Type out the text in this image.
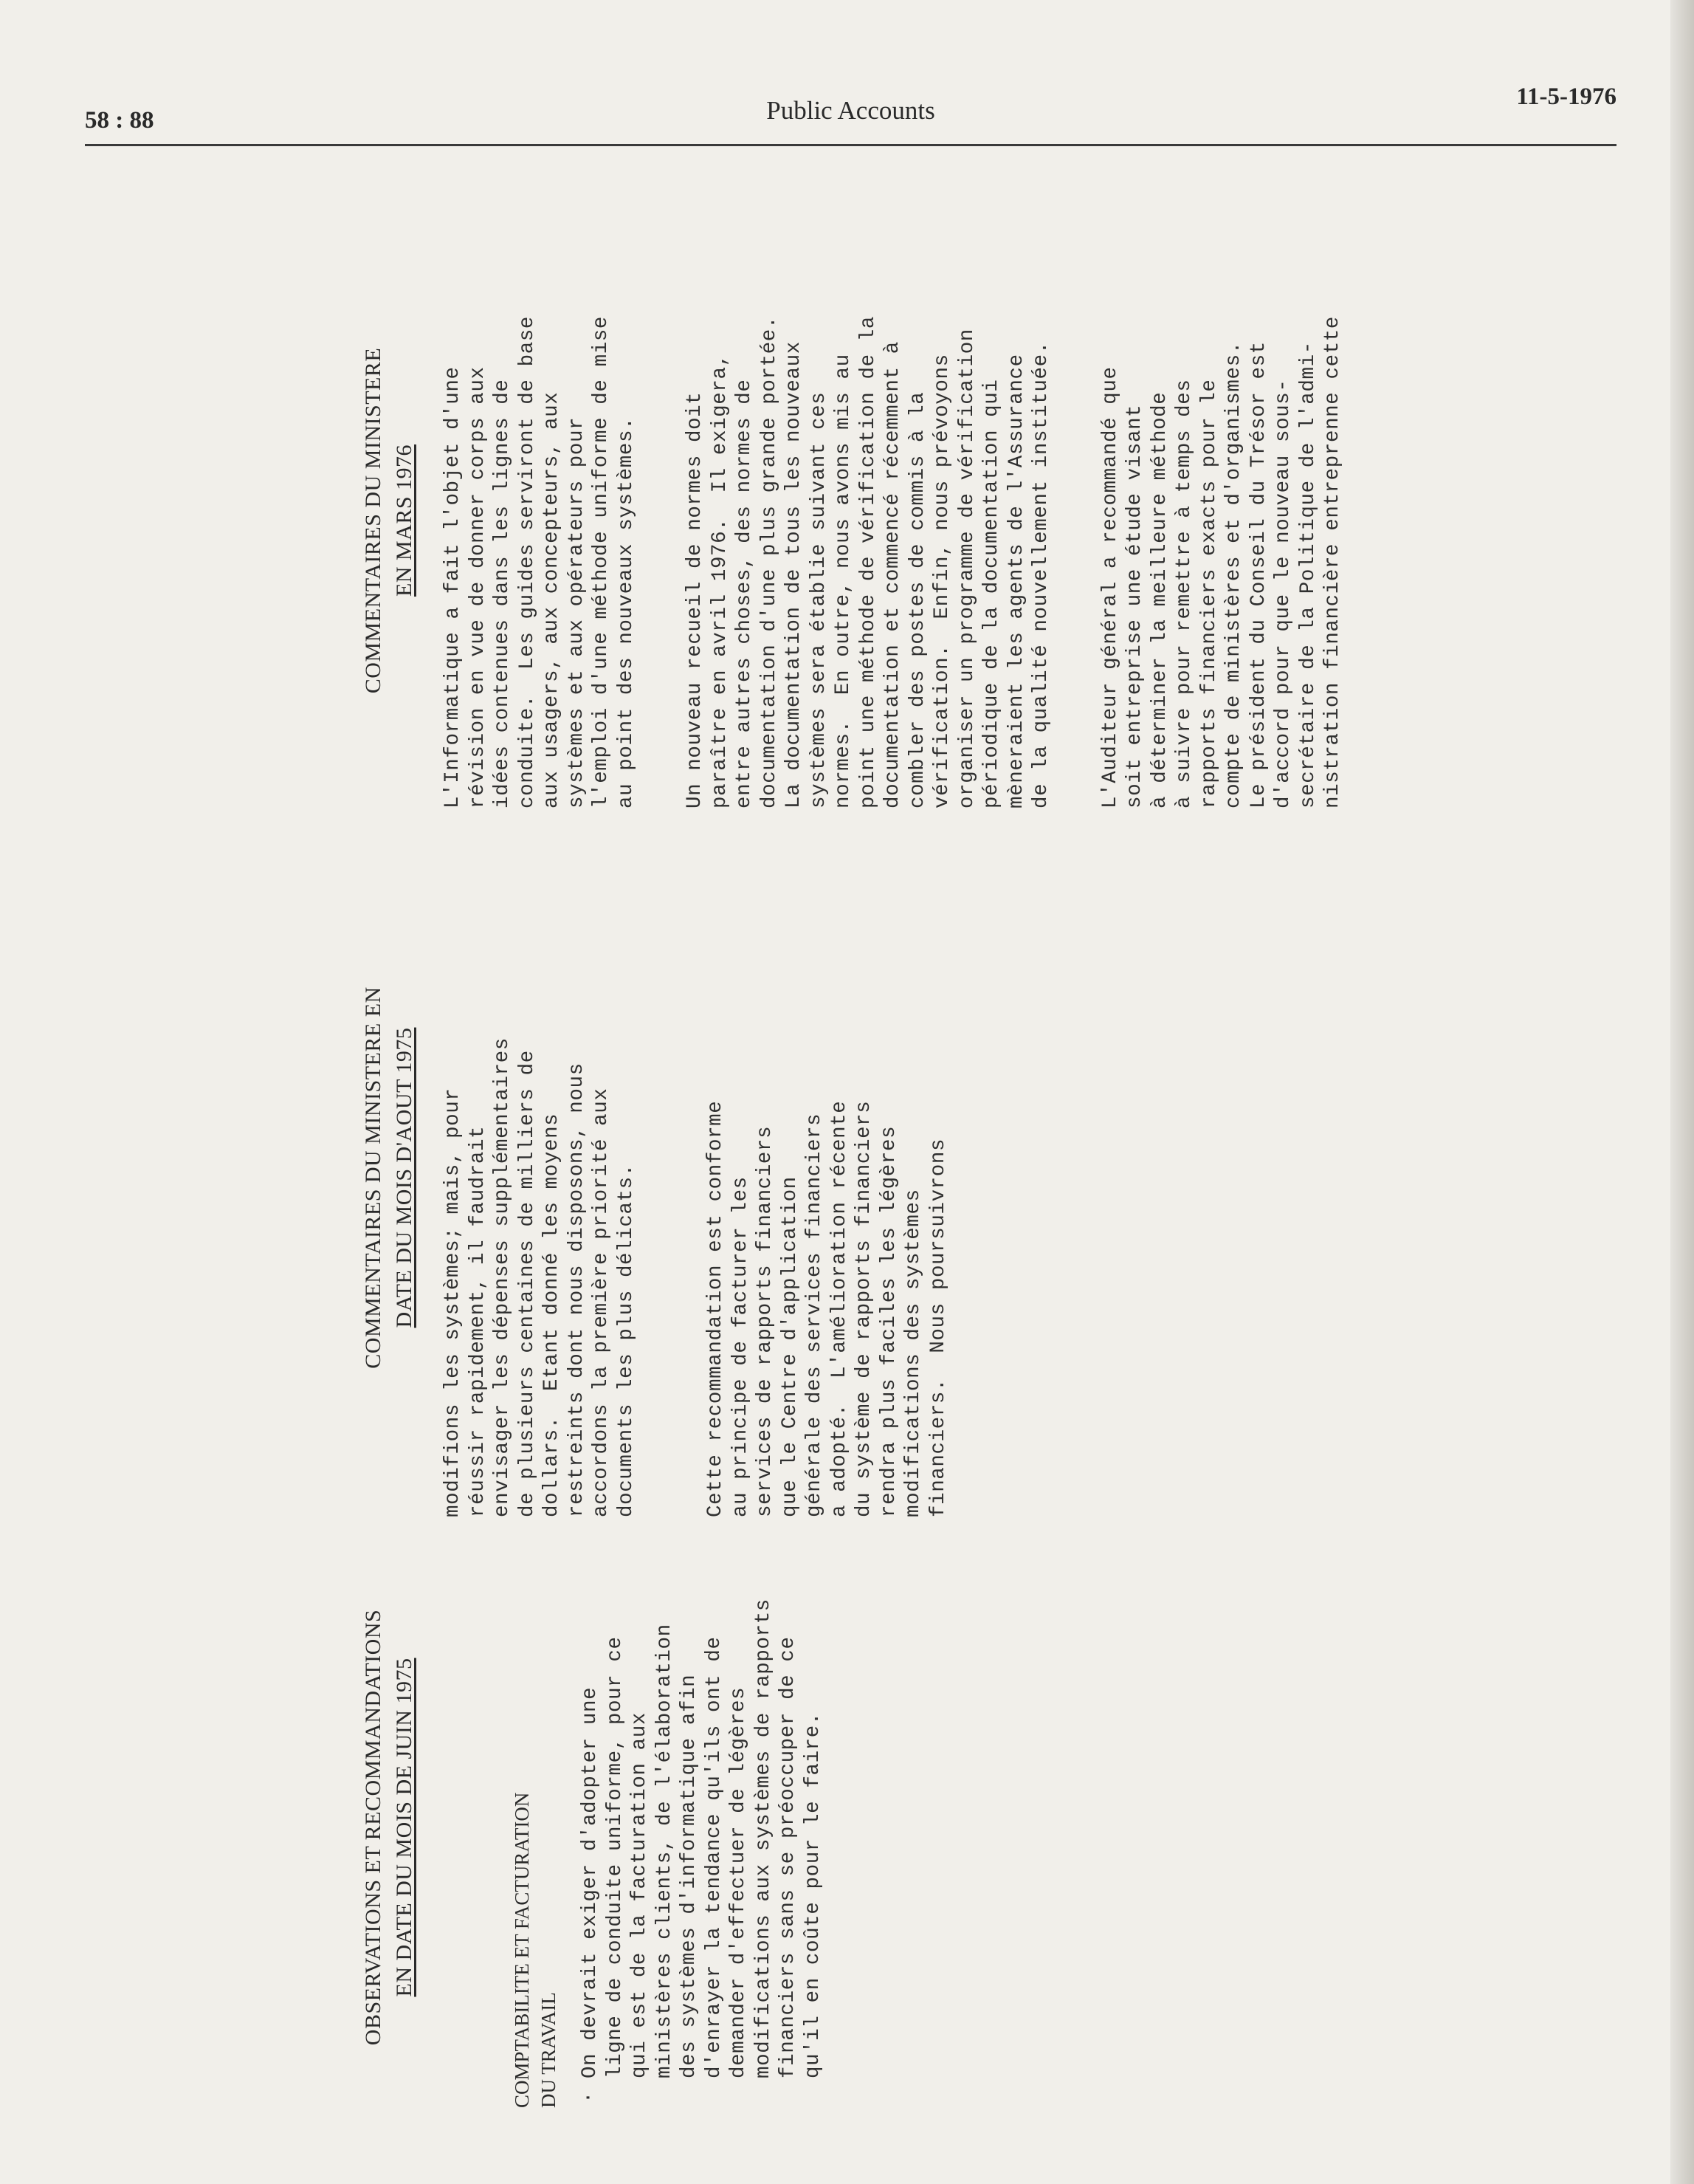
58 : 88	Public Accounts	11-5-1976
OBSERVATIONS ET RECOMMANDATIONS EN DATE DU MOIS DE JUIN 1975
COMPTABILITE ET FACTURATION
DU TRAVAIL
·
On devrait exiger d'adopter une
ligne de conduite uniforme, pour ce
qui est de la facturation aux
ministères clients, de l'élaboration
des systèmes d'informatique afin
d'enrayer la tendance qu'ils ont de
demander d'effectuer de légères
modifications aux systèmes de rapports
financiers sans se préoccuper de ce
qu'il en coûte pour le faire.
COMMENTAIRES DU MINISTERE EN DATE DU MOIS D'AOUT 1975
modifions les systèmes; mais, pour
réussir rapidement, il faudrait
envisager les dépenses supplémentaires
de plusieurs centaines de milliers de
dollars.  Etant donné les moyens
restreints dont nous disposons, nous
accordons la première priorité aux
documents les plus délicats.
Cette recommandation est conforme
au principe de facturer les
services de rapports financiers
que le Centre d'application
générale des services financiers
a adopté.  L'amélioration récente
du système de rapports financiers
rendra plus faciles les légères
modifications des systèmes
financiers.  Nous poursuivrons
COMMENTAIRES DU MINISTERE EN MARS 1976
L'Informatique a fait l'objet d'une
révision en vue de donner corps aux
idées contenues dans les lignes de
conduite.  Les guides serviront de base
aux usagers, aux concepteurs, aux
systèmes et aux opérateurs pour
l'emploi d'une méthode uniforme de mise
au point des nouveaux systèmes.
Un nouveau recueil de normes doit
paraître en avril 1976.  Il exigera,
entre autres choses, des normes de
documentation d'une plus grande portée.
La documentation de tous les nouveaux
systèmes sera établie suivant ces
normes.  En outre, nous avons mis au
point une méthode de vérification de la
documentation et commencé récemment à
combler des postes de commis à la
vérification.  Enfin, nous prévoyons
organiser un programme de vérification
périodique de la documentation qui
mèneraient les agents de l'Assurance
de la qualité nouvellement instituée.
L'Auditeur général a recommandé que
soit entreprise une étude visant
à déterminer la meilleure méthode
à suivre pour remettre à temps des
rapports financiers exacts pour le
compte de ministères et d'organismes.
Le président du Conseil du Trésor est
d'accord pour que le nouveau sous-
secrétaire de la Politique de l'admi-
nistration financière entreprenne cette
